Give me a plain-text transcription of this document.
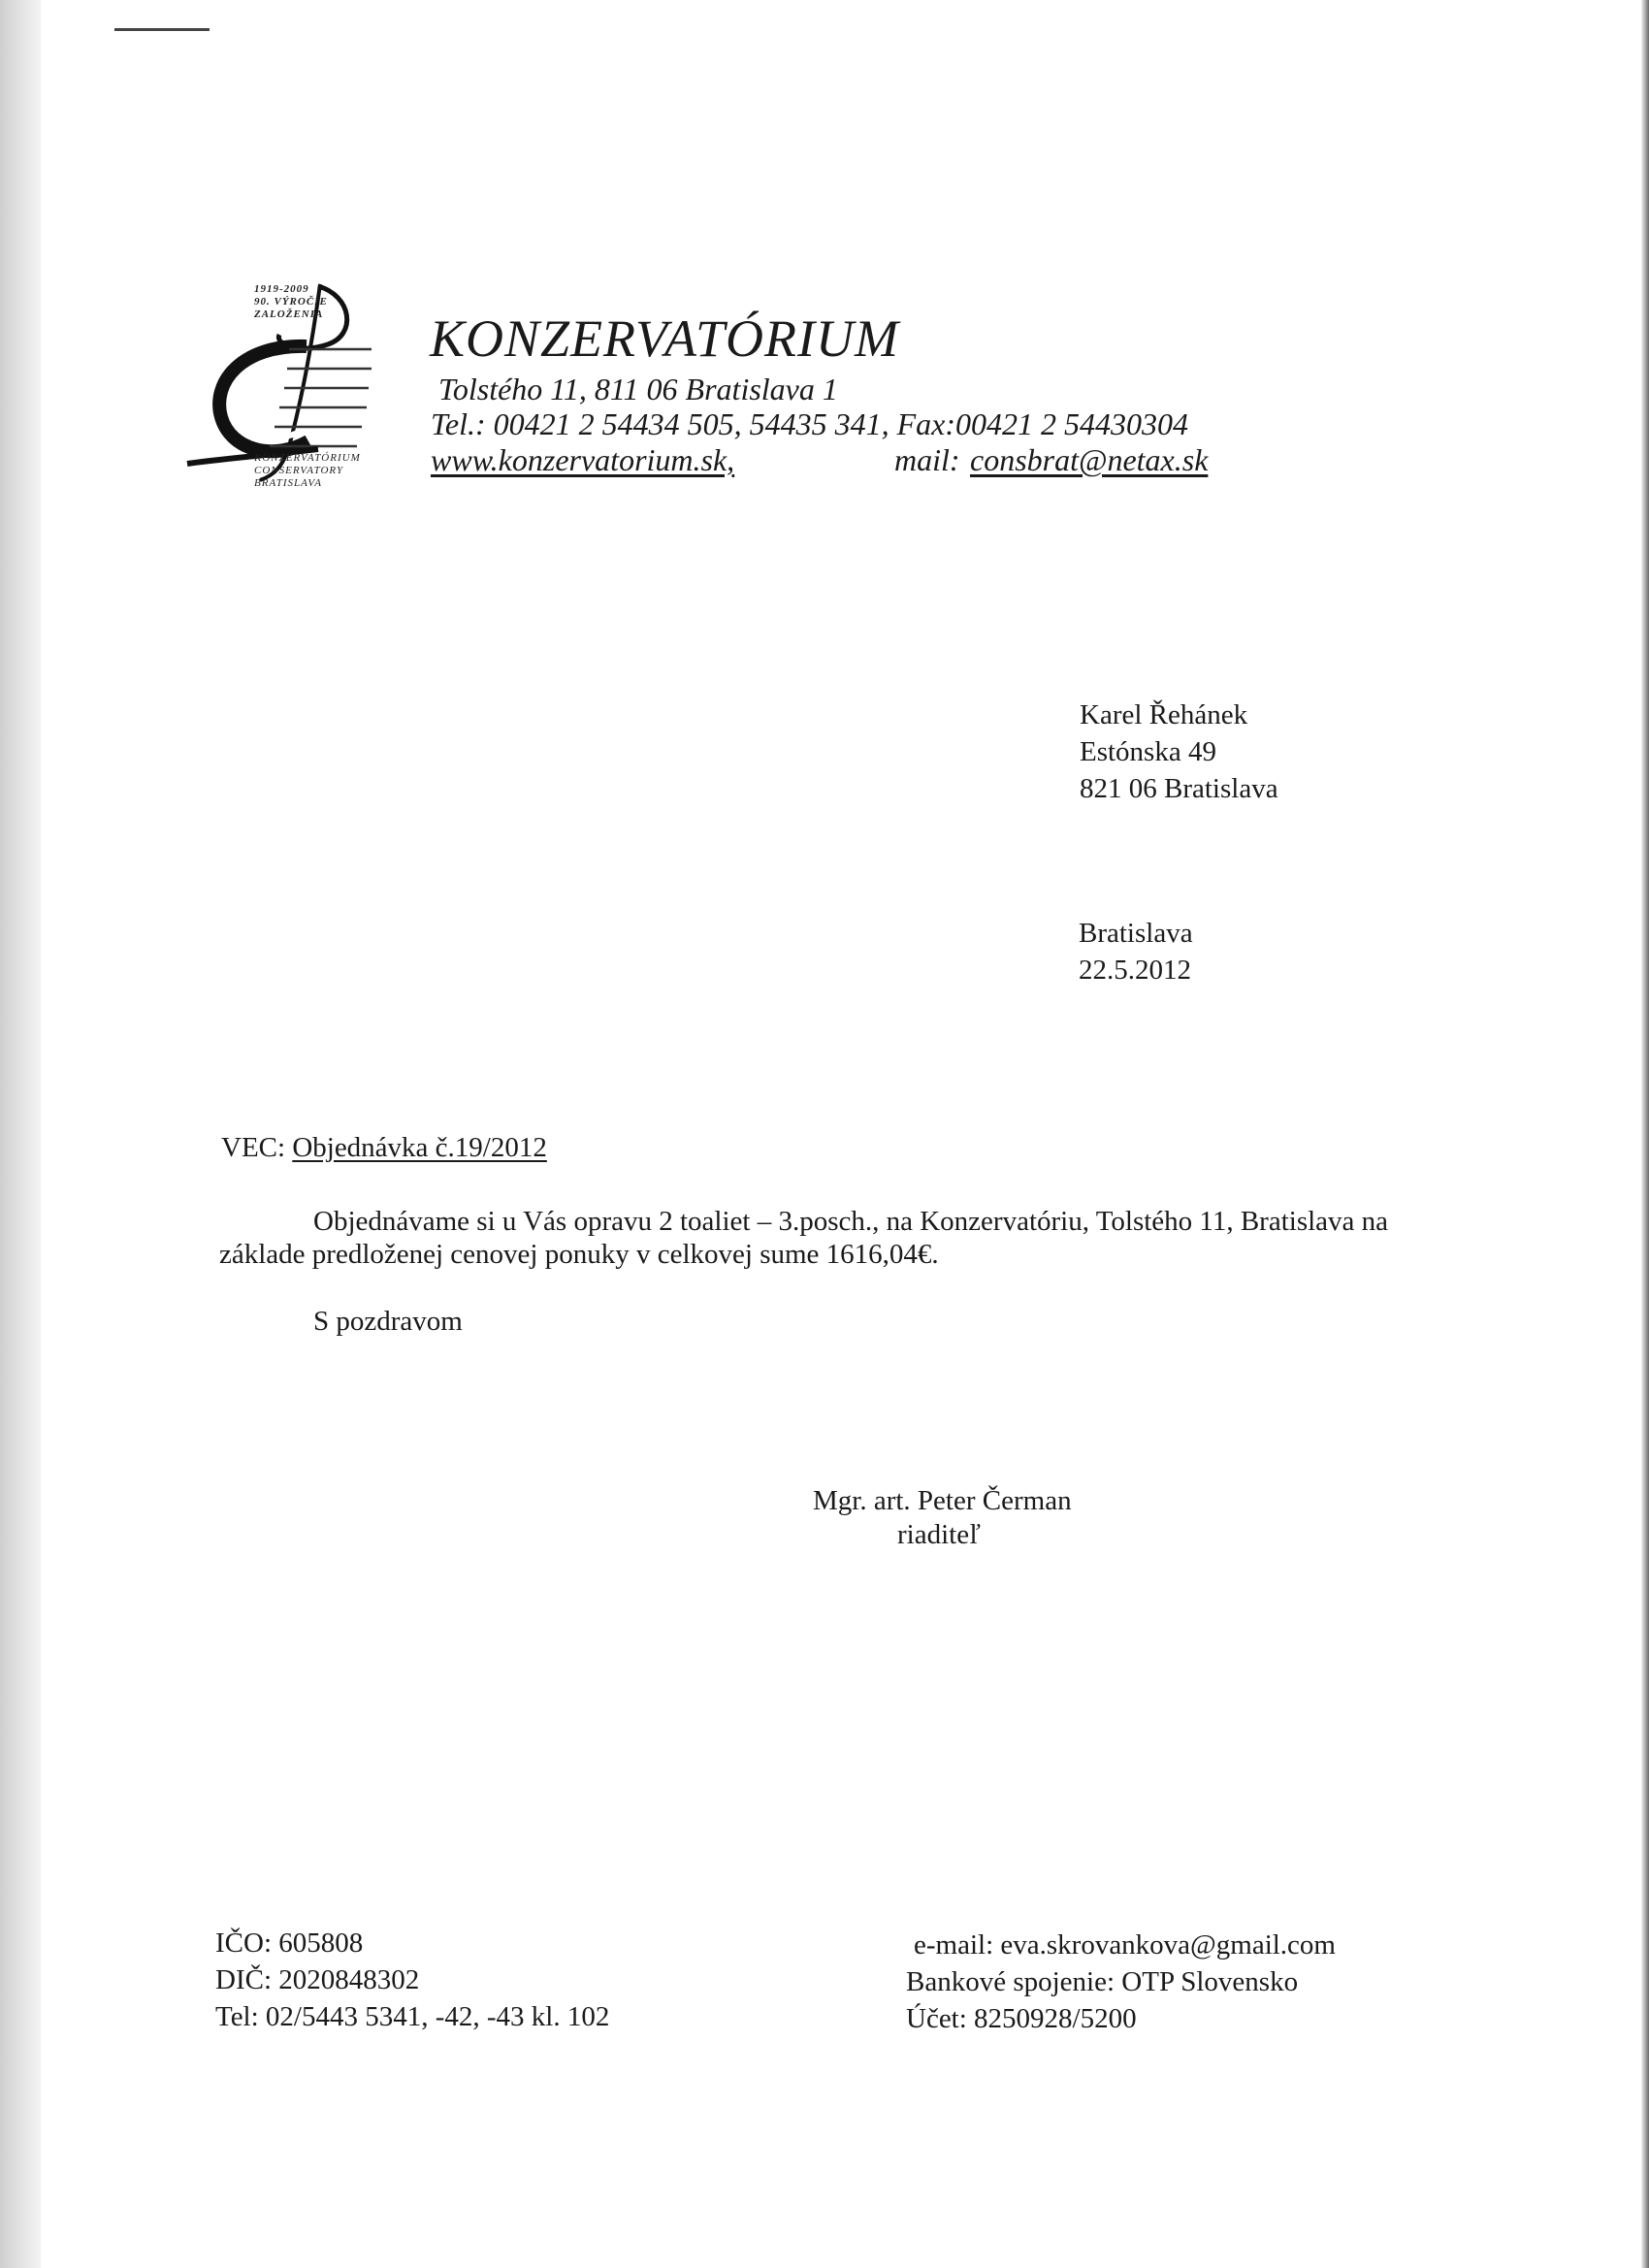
1919-2009
90. VÝROČIE
ZALOŽENIA
KONZERVATÓRIUM
CONSERVATORY
BRATISLAVA
KONZERVATÓRIUM
Tolstého 11, 811 06 Bratislava 1
Tel.: 00421 2 54434 505, 54435 341, Fax:00421 2 54430304
www.konzervatorium.sk,	mail: consbrat@netax.sk
Karel Řehánek
Estónska 49
821 06 Bratislava
Bratislava
22.5.2012
VEC: Objednávka č.19/2012
Objednávame si u Vás opravu 2 toaliet – 3.posch., na Konzervatóriu, Tolstého 11, Bratislava na
základe predloženej cenovej ponuky v celkovej sume 1616,04€.
S pozdravom
Mgr. art. Peter Čerman
riaditeľ
IČO: 605808
DIČ: 2020848302
Tel: 02/5443 5341, -42, -43 kl. 102
e-mail: eva.skrovankova@gmail.com
Bankové spojenie: OTP Slovensko
Účet: 8250928/5200
